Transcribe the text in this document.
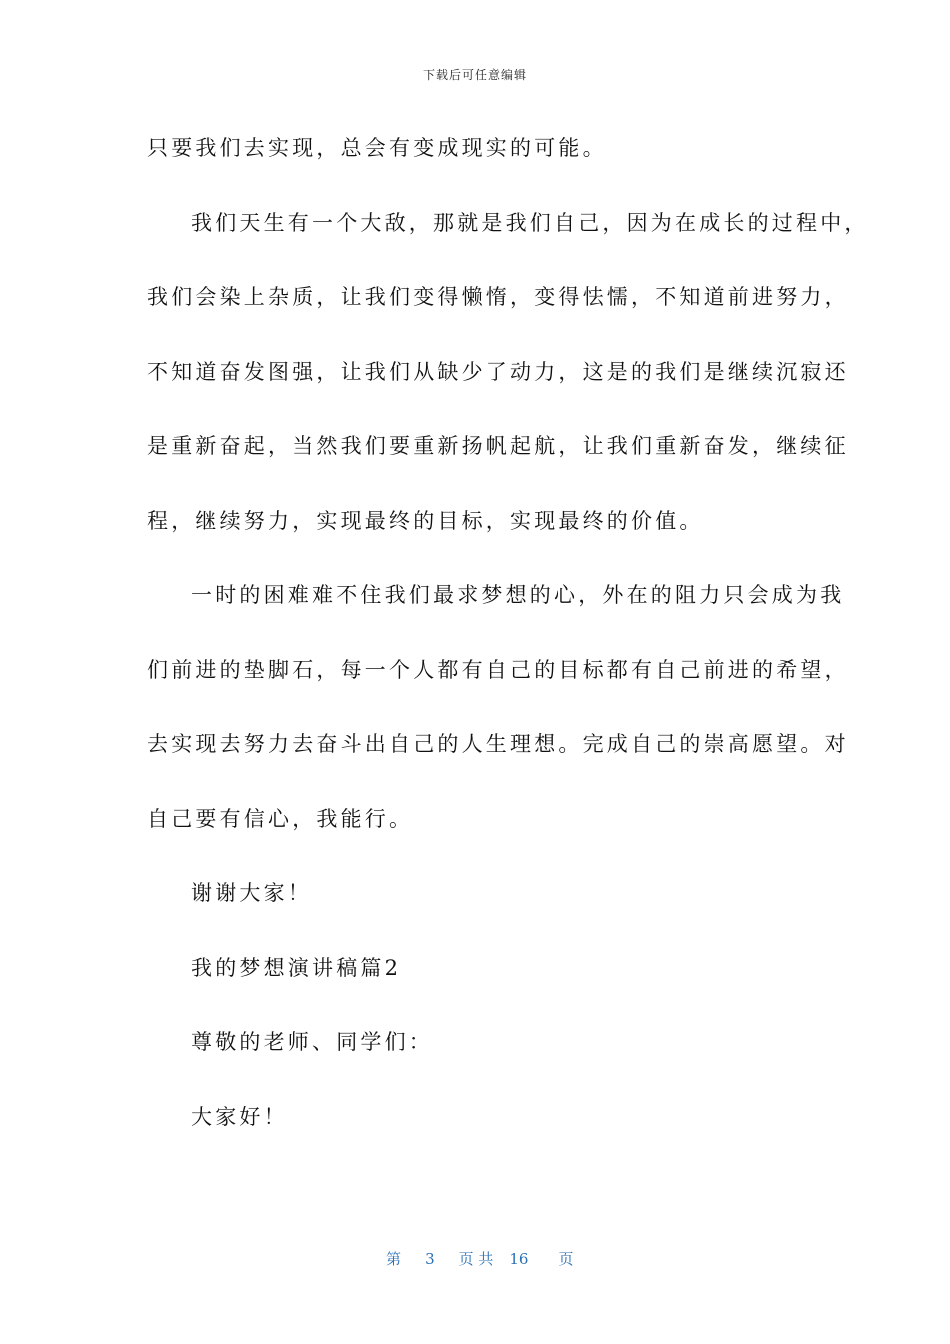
下载后可任意编辑
只要我们去实现，总会有变成现实的可能。
我们天生有一个大敌，那就是我们自己，因为在成长的过程中，
我们会染上杂质，让我们变得懒惰，变得怯懦，不知道前进努力，
不知道奋发图强，让我们从缺少了动力，这是的我们是继续沉寂还
是重新奋起，当然我们要重新扬帆起航，让我们重新奋发，继续征
程，继续努力，实现最终的目标，实现最终的价值。
一时的困难难不住我们最求梦想的心，外在的阻力只会成为我
们前进的垫脚石，每一个人都有自己的目标都有自己前进的希望，
去实现去努力去奋斗出自己的人生理想。完成自己的崇高愿望。对
自己要有信心，我能行。
谢谢大家！
我的梦想演讲稿篇2
尊敬的老师、同学们：
大家好！

第 3 页 共 16 页
